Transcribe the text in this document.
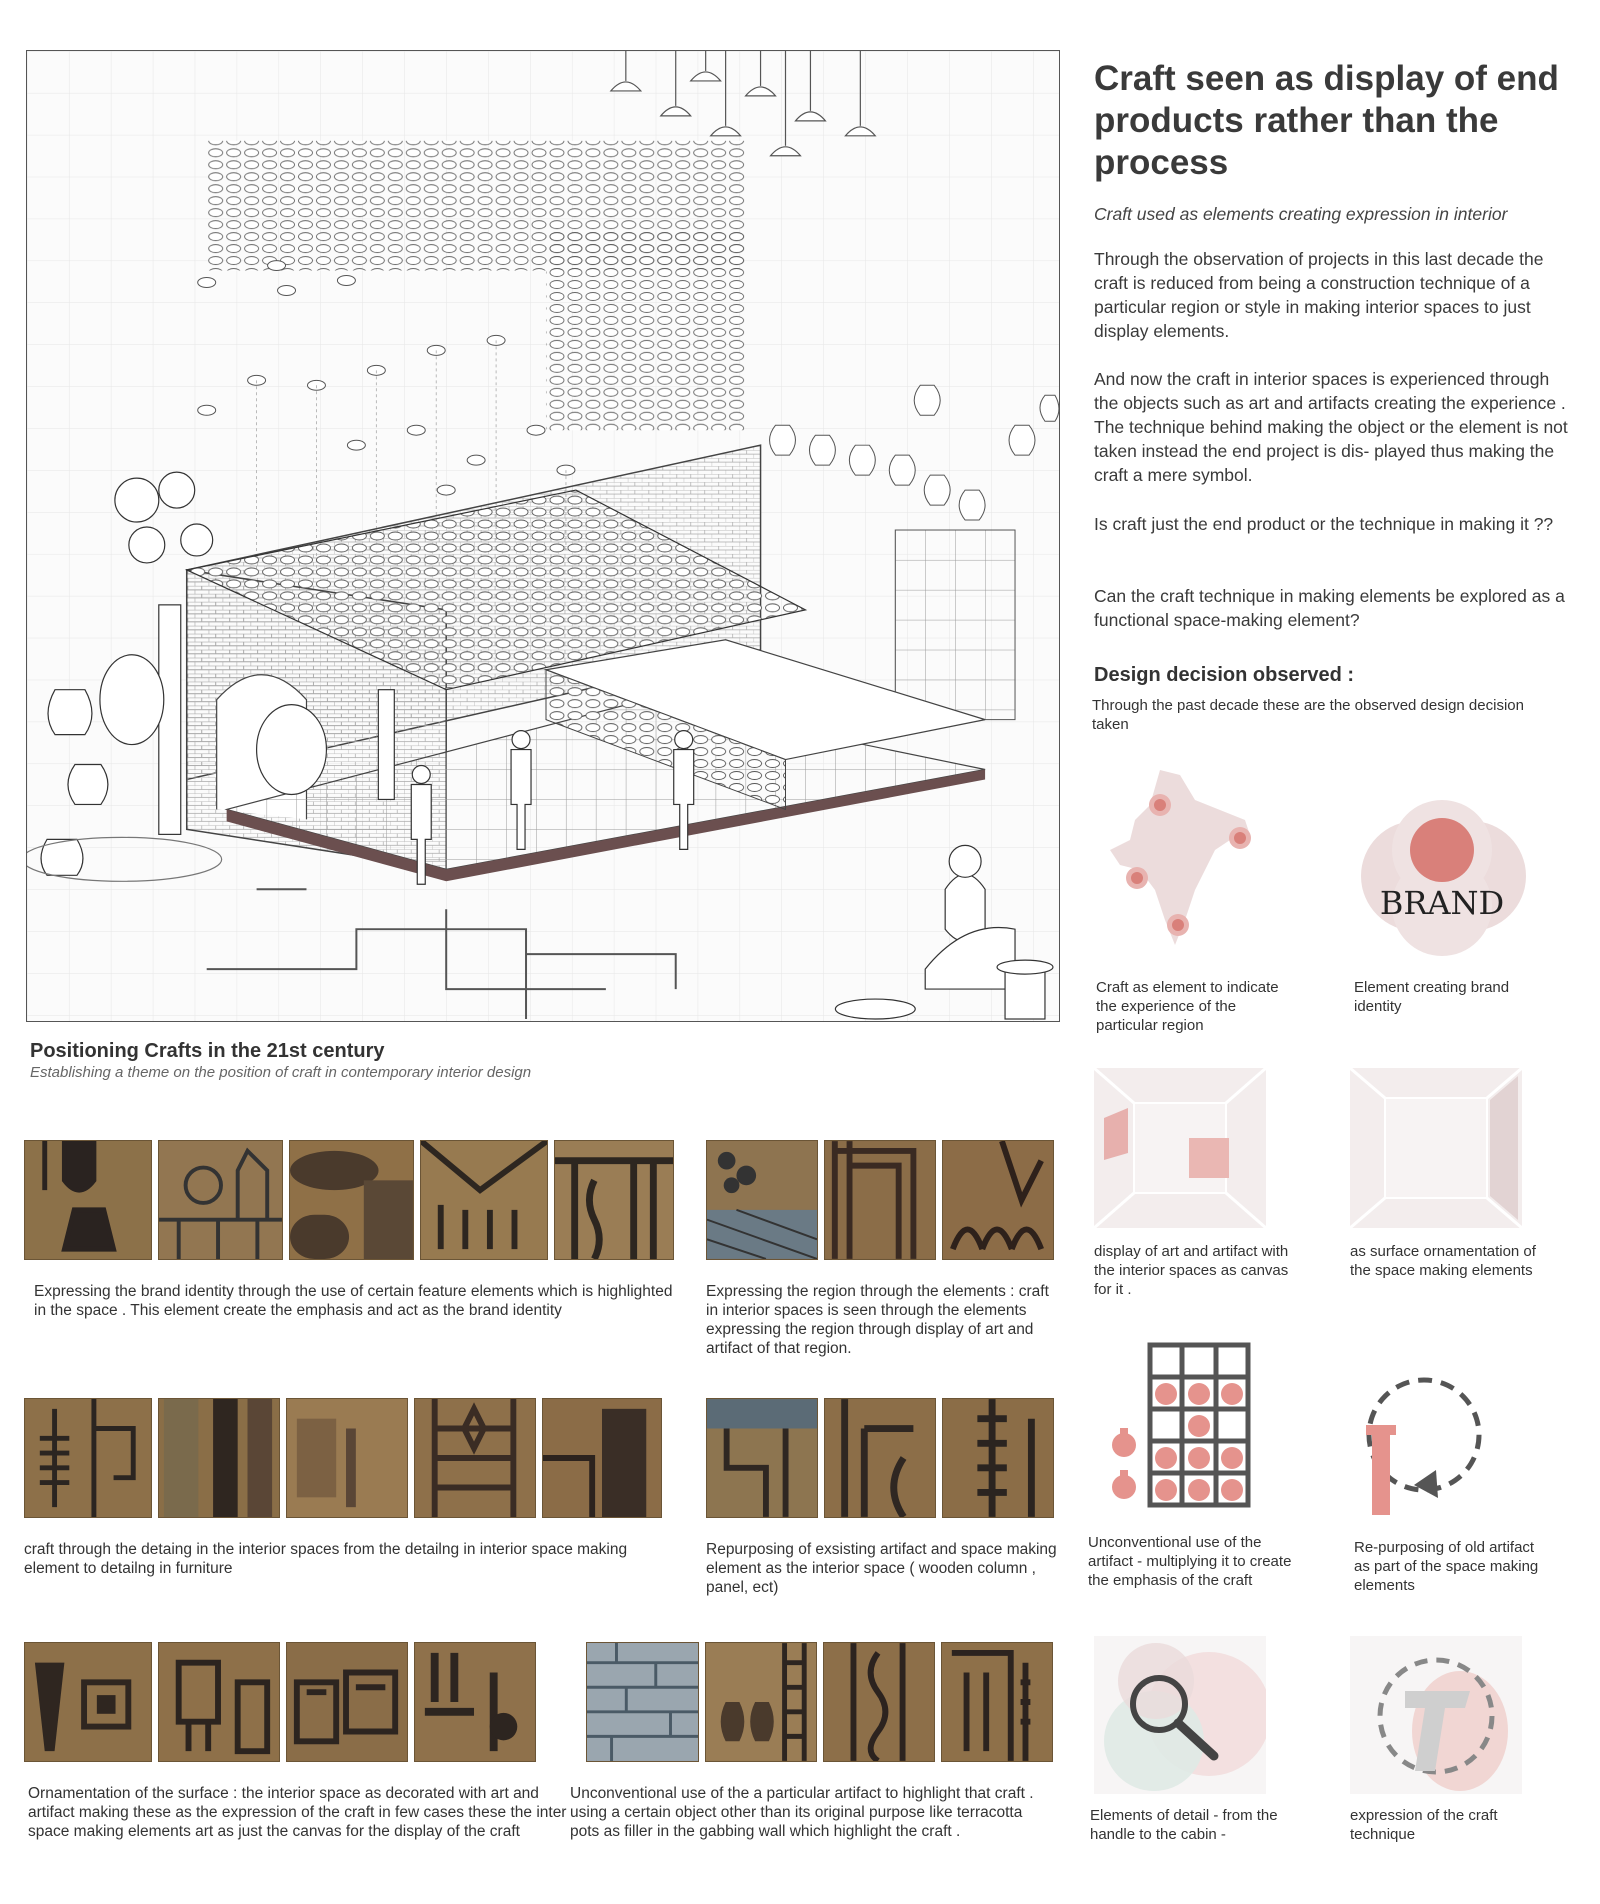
Positioning Crafts in the 21st century
Establishing a theme on the position of craft in contemporary interior design
Craft seen as display of end products rather than the process
Craft used as elements creating expression in interior
Through the observation of projects in this last decade the craft is reduced from being a construction technique of a particular region or style in making interior spaces to just display elements.
And now the craft in interior spaces is experienced through the objects such as art and artifacts creating the experience . The technique behind making the object or the element is not taken instead the end project is dis- played thus making the craft a mere symbol.
Is craft just the end product or the technique in making it ??
Can the craft technique in making elements be explored as a functional space-making element?
Design decision observed :
Through the past decade these are the observed design decision taken
Craft as element to indicate the experience of the particular region
BRAND
Element creating brand identity
display of art and artifact with the interior spaces as canvas for it .
as surface ornamentation of the space making elements
Unconventional use of the artifact - multiplying it to create the emphasis of the craft
Re-purposing of old artifact as part of the space making elements
Elements of detail - from the handle to the cabin -
expression of the craft technique
Expressing the brand identity through the use of certain feature elements which is highlighted in the space . This element create the emphasis and act as the brand identity
Expressing the region through the elements : craft in interior spaces is seen through the elements expressing the region through display of art and artifact of that region.
craft through the detaing in the interior spaces from the detailng in interior space making element to detailng in furniture
Repurposing of exsisting artifact and space making element as the interior space ( wooden column , panel, ect)
Ornamentation of the surface : the interior space as decorated with art and artifact making these as the expression of the craft in few cases these the inter space making elements art as just the canvas for the display of the craft
Unconventional use of the a particular artifact to highlight that craft . using a certain object other than its original purpose like terracotta pots as filler in the gabbing wall which highlight the craft .
